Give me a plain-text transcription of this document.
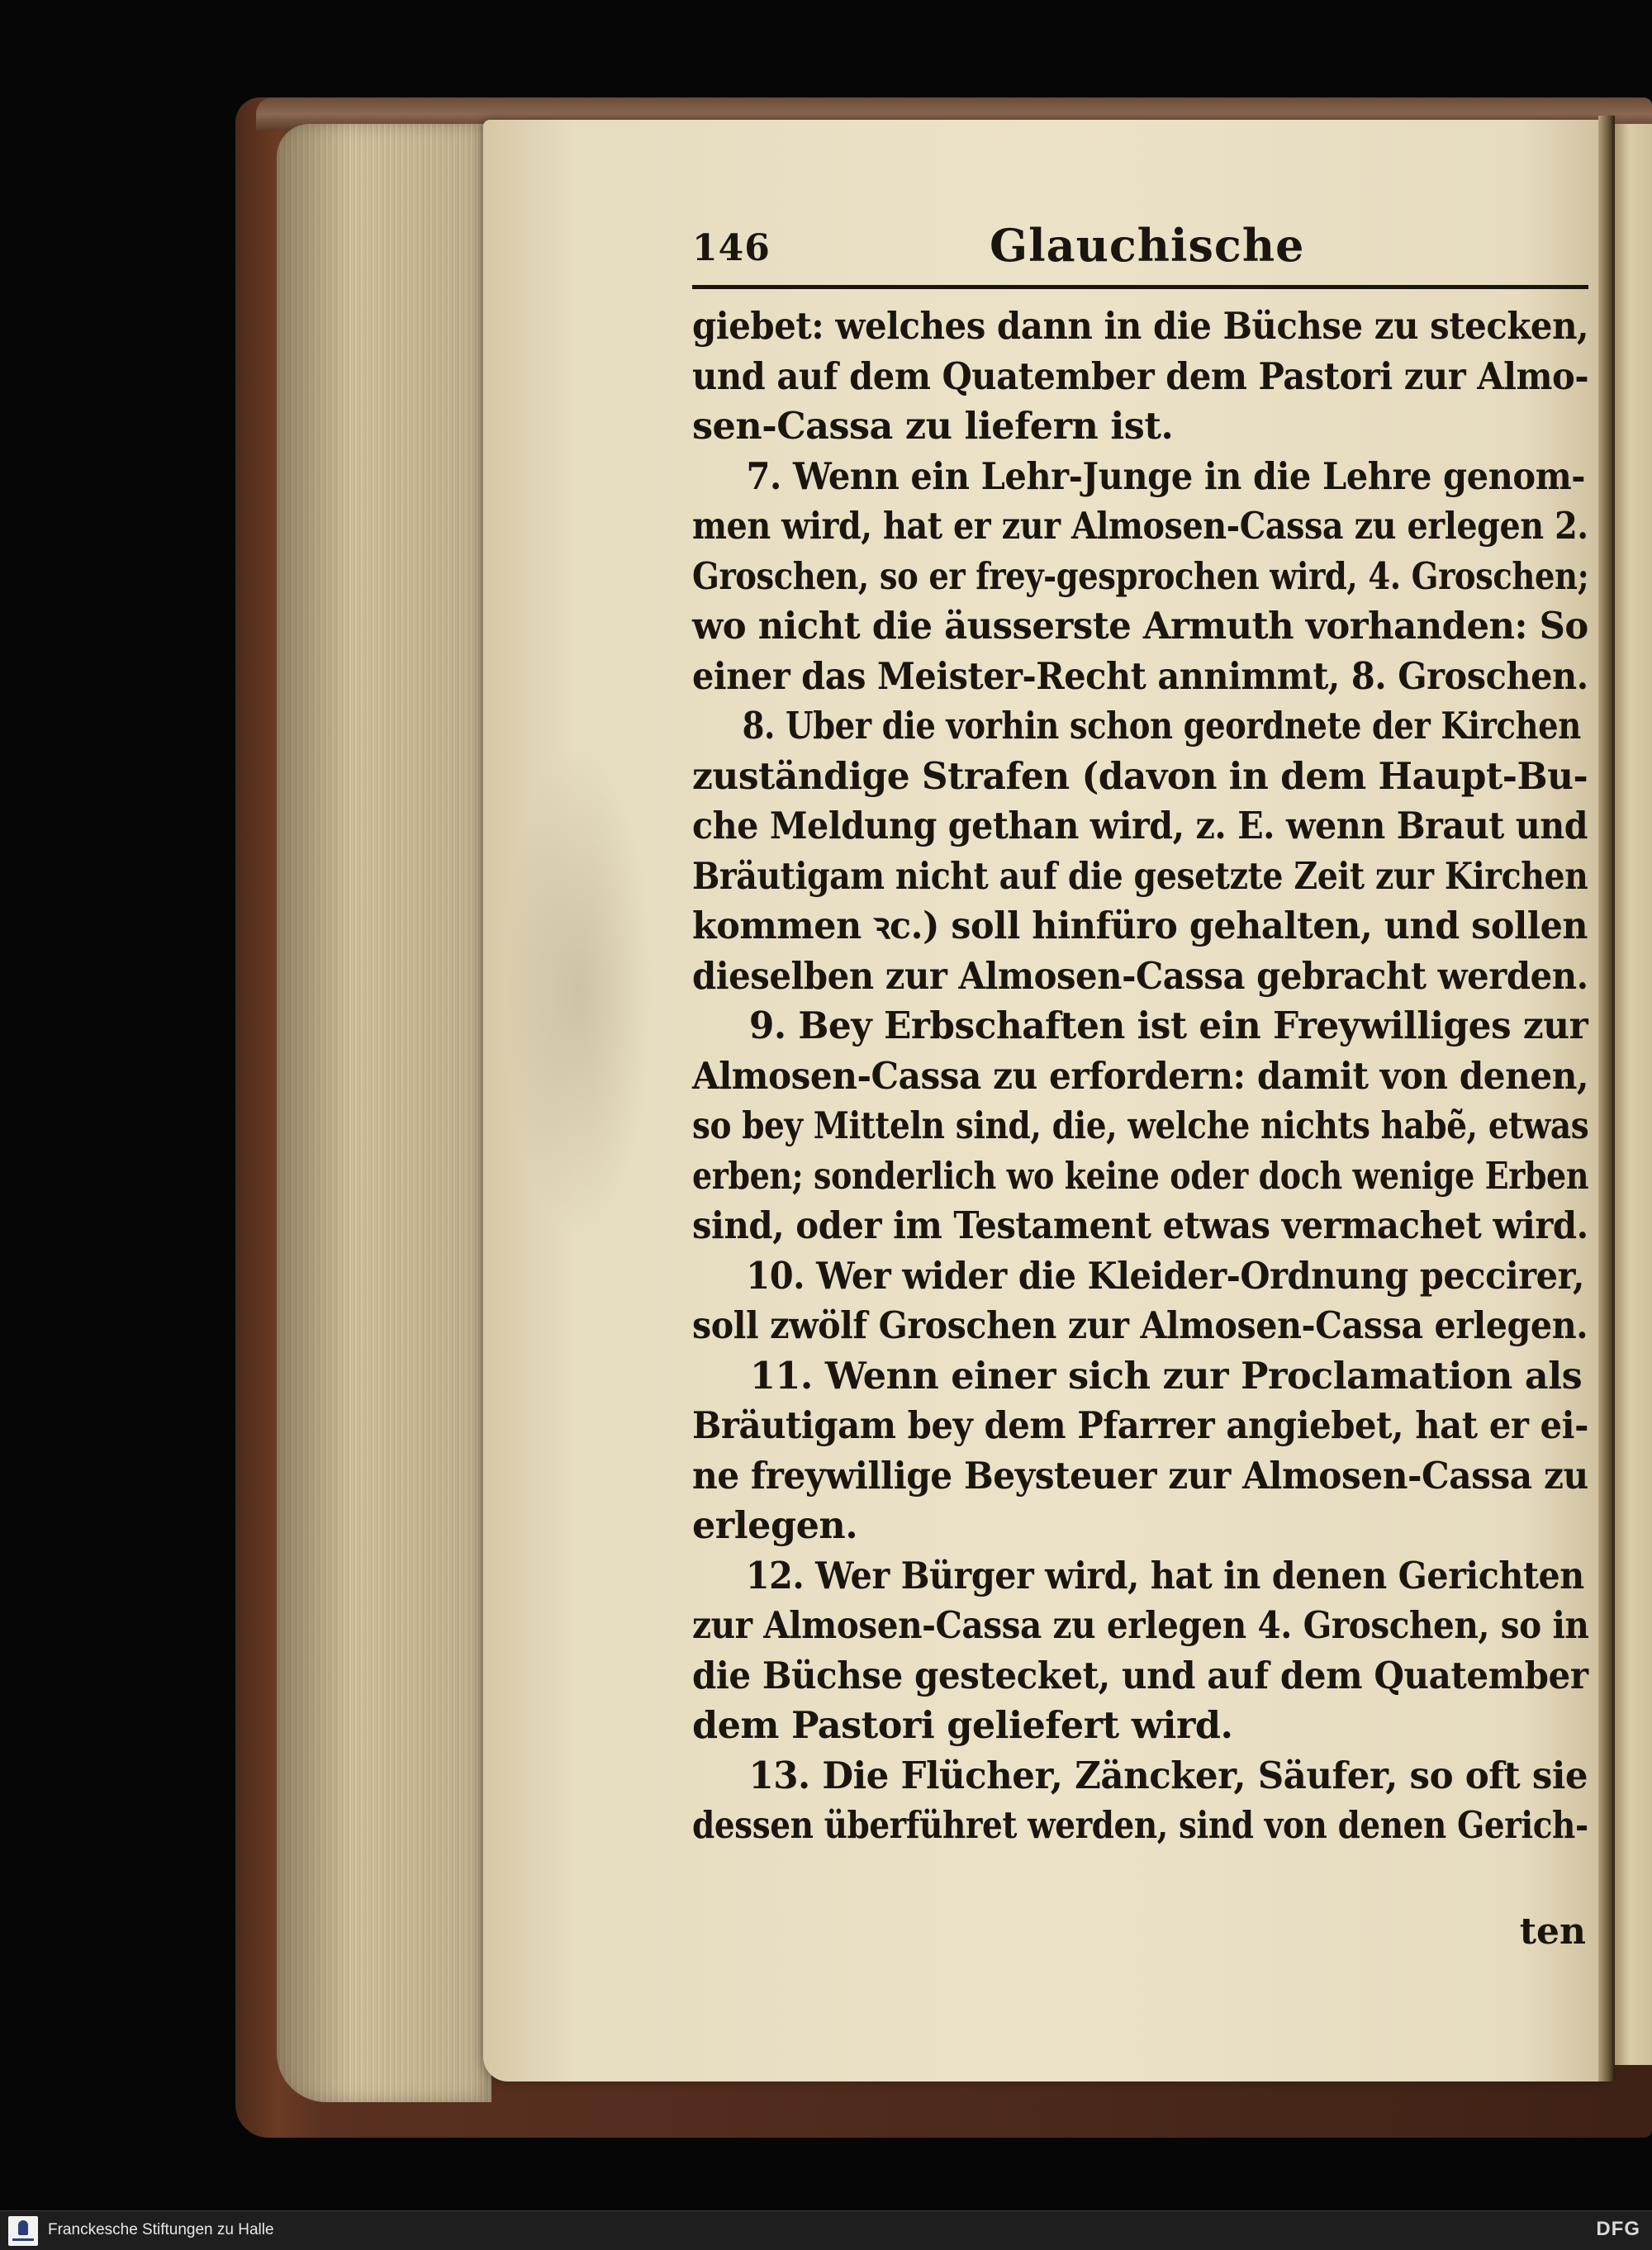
146	Glauchische
giebet: welches dann in die Büchse zu stecken,
und auf dem Quatember dem Pastori zur Almo-
sen-Cassa zu liefern ist.
7. Wenn ein Lehr-Junge in die Lehre genom-
men wird, hat er zur Almosen-Cassa zu erlegen 2.
Groschen, so er frey-gesprochen wird, 4. Groschen;
wo nicht die äusserste Armuth vorhanden: So
einer das Meister-Recht annimmt, 8. Groschen.
8. Uber die vorhin schon geordnete der Kirchen
zuständige Strafen (davon in dem Haupt-Bu-
che Meldung gethan wird, z. E. wenn Braut und
Bräutigam nicht auf die gesetzte Zeit zur Kirchen
kommen ꝛc.) soll hinfüro gehalten, und sollen
dieselben zur Almosen-Cassa gebracht werden.
9. Bey Erbschaften ist ein Freywilliges zur
Almosen-Cassa zu erfordern: damit von denen,
so bey Mitteln sind, die, welche nichts habẽ, etwas
erben; sonderlich wo keine oder doch wenige Erben
sind, oder im Testament etwas vermachet wird.
10. Wer wider die Kleider-Ordnung peccirer,
soll zwölf Groschen zur Almosen-Cassa erlegen.
11. Wenn einer sich zur Proclamation als
Bräutigam bey dem Pfarrer angiebet, hat er ei-
ne freywillige Beysteuer zur Almosen-Cassa zu
erlegen.
12. Wer Bürger wird, hat in denen Gerichten
zur Almosen-Cassa zu erlegen 4. Groschen, so in
die Büchse gestecket, und auf dem Quatember
dem Pastori geliefert wird.
13. Die Flücher, Zäncker, Säufer, so oft sie
dessen überführet werden, sind von denen Gerich-
ten
Franckesche Stiftungen zu Halle	DFG
